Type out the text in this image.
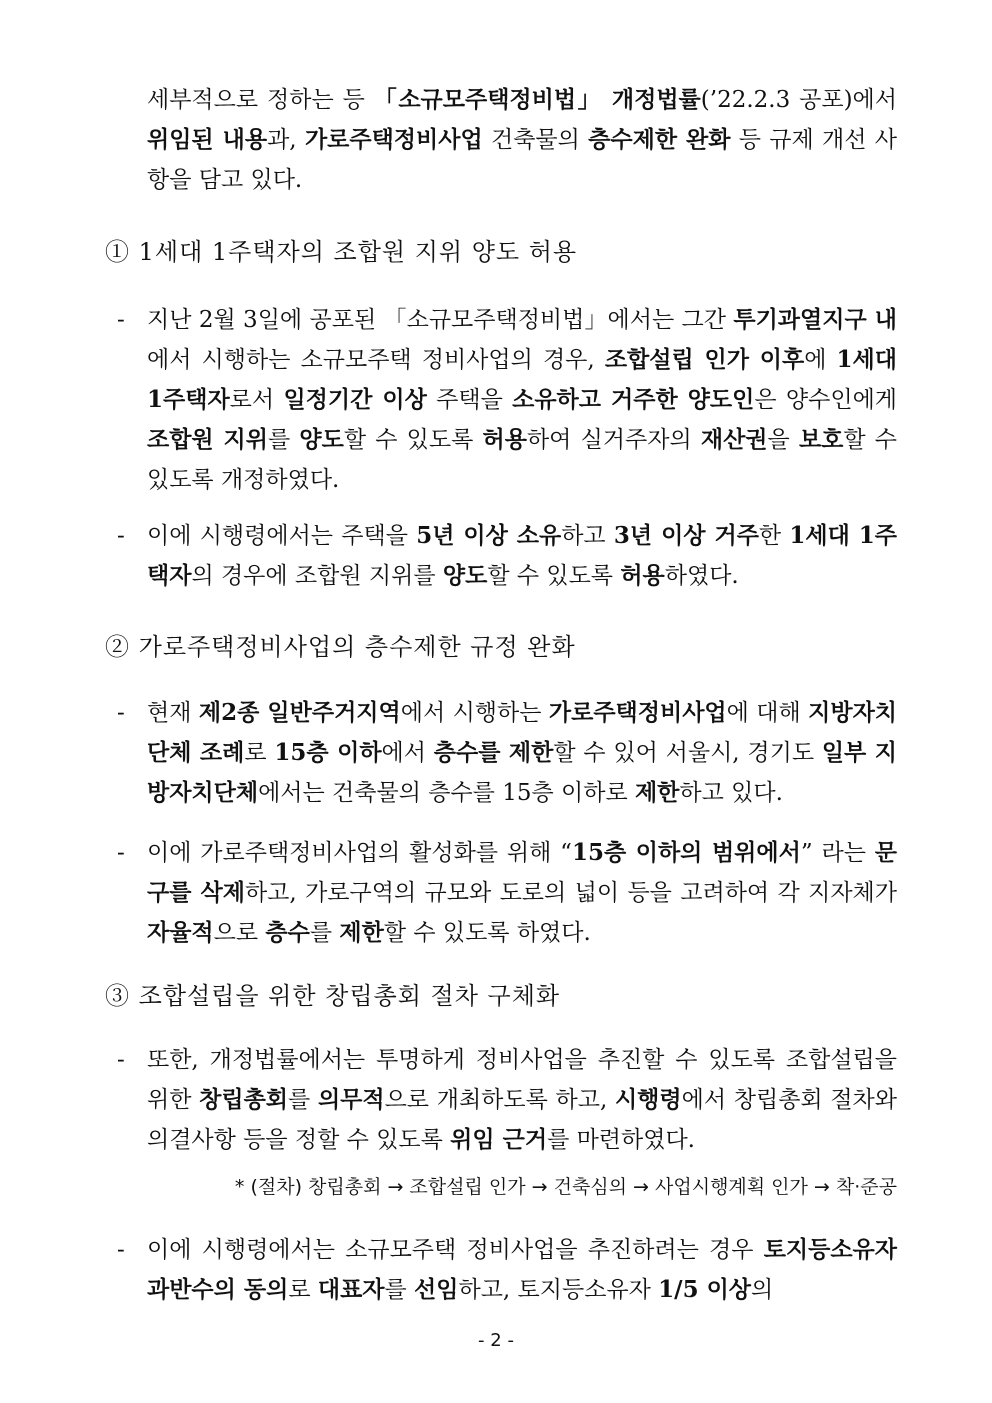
세부적으로 정하는 등 「소규모주택정비법」 개정법률(’22.2.3 공포)에서 위임된 내용과, 가로주택정비사업 건축물의 층수제한 완화 등 규제 개선 사항을 담고 있다.
① 1세대 1주택자의 조합원 지위 양도 허용
- 지난 2월 3일에 공포된 「소규모주택정비법」에서는 그간 투기과열지구 내에서 시행하는 소규모주택 정비사업의 경우, 조합설립 인가 이후에 1세대 1주택자로서 일정기간 이상 주택을 소유하고 거주한 양도인은 양수인에게 조합원 지위를 양도할 수 있도록 허용하여 실거주자의 재산권을 보호할 수 있도록 개정하였다.
- 이에 시행령에서는 주택을 5년 이상 소유하고 3년 이상 거주한 1세대 1주택자의 경우에 조합원 지위를 양도할 수 있도록 허용하였다.
② 가로주택정비사업의 층수제한 규정 완화
- 현재 제2종 일반주거지역에서 시행하는 가로주택정비사업에 대해 지방자치단체 조례로 15층 이하에서 층수를 제한할 수 있어 서울시, 경기도 일부 지방자치단체에서는 건축물의 층수를 15층 이하로 제한하고 있다.
- 이에 가로주택정비사업의 활성화를 위해 “15층 이하의 범위에서” 라는 문구를 삭제하고, 가로구역의 규모와 도로의 넓이 등을 고려하여 각 지자체가 자율적으로 층수를 제한할 수 있도록 하였다.
③ 조합설립을 위한 창립총회 절차 구체화
- 또한, 개정법률에서는 투명하게 정비사업을 추진할 수 있도록 조합설립을 위한 창립총회를 의무적으로 개최하도록 하고, 시행령에서 창립총회 절차와 의결사항 등을 정할 수 있도록 위임 근거를 마련하였다.
* (절차) 창립총회 → 조합설립 인가 → 건축심의 → 사업시행계획 인가 → 착·준공
- 이에 시행령에서는 소규모주택 정비사업을 추진하려는 경우 토지등소유자 과반수의 동의로 대표자를 선임하고, 토지등소유자 1/5 이상의
- 2 -
